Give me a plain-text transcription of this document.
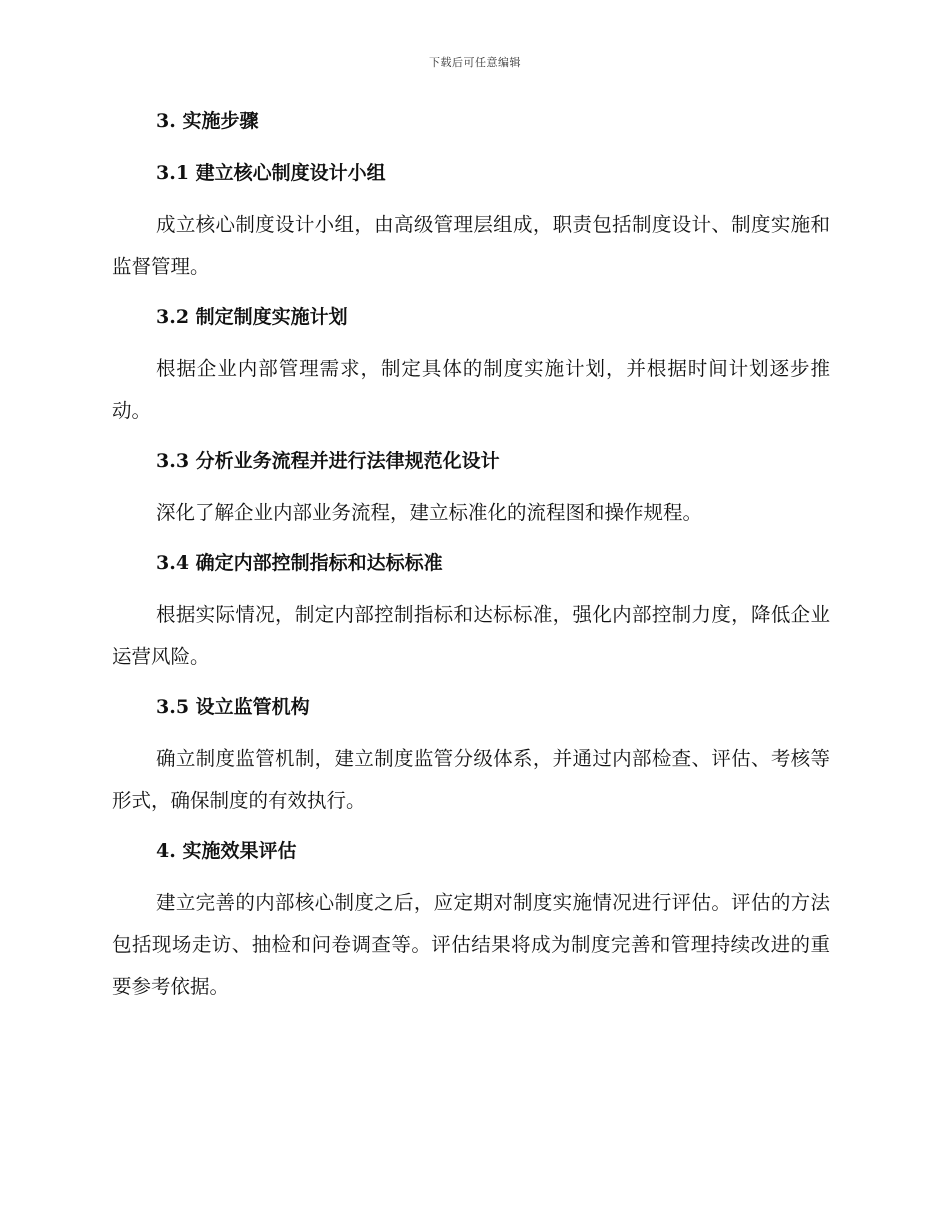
下载后可任意编辑
3. 实施步骤
3.1 建立核心制度设计小组

成立核心制度设计小组，由高级管理层组成，职责包括制度设计、制度实施和监督管理。

3.2 制定制度实施计划

根据企业内部管理需求，制定具体的制度实施计划，并根据时间计划逐步推动。

3.3 分析业务流程并进行法律规范化设计

深化了解企业内部业务流程，建立标准化的流程图和操作规程。

3.4 确定内部控制指标和达标标准

根据实际情况，制定内部控制指标和达标标准，强化内部控制力度，降低企业运营风险。

3.5 设立监管机构

确立制度监管机制，建立制度监管分级体系，并通过内部检查、评估、考核等形式，确保制度的有效执行。

4. 实施效果评估

建立完善的内部核心制度之后，应定期对制度实施情况进行评估。评估的方法包括现场走访、抽检和问卷调查等。评估结果将成为制度完善和管理持续改进的重要参考依据。
